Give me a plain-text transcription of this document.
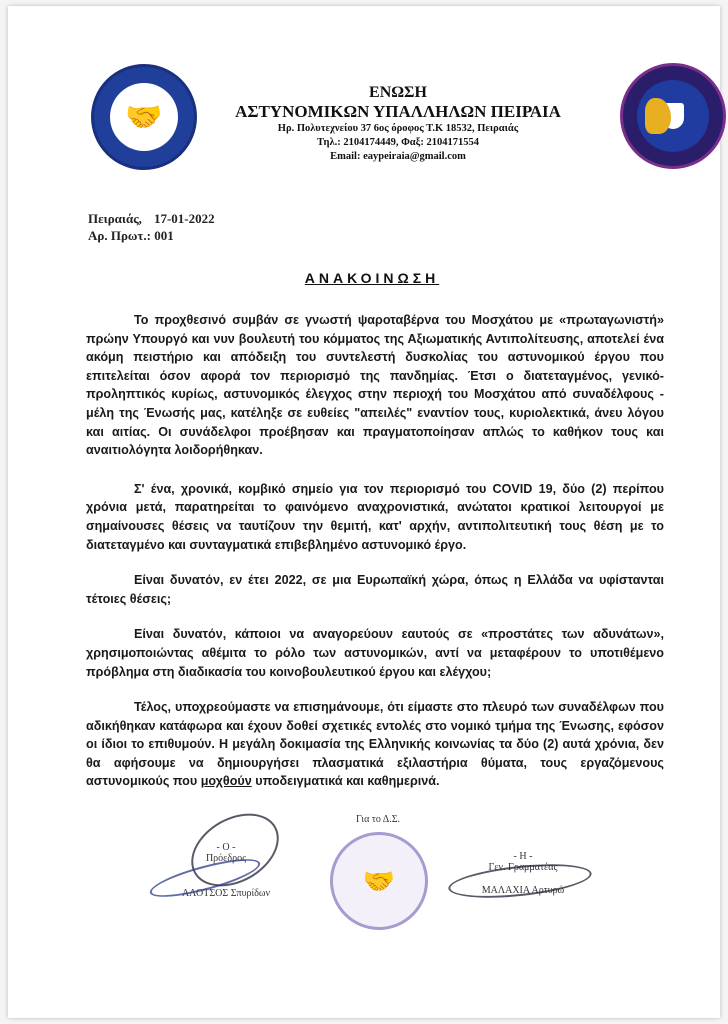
🤝
ΕΝΩΣΗ
ΑΣΤΥΝΟΜΙΚΩΝ ΥΠΑΛΛΗΛΩΝ ΠΕΙΡΑΙΑ
Ηρ. Πολυτεχνείου 37 6ος όροφος Τ.Κ 18532, Πειραιάς
Τηλ.: 2104174449, Φαξ: 2104171554
Email: eaypeiraia@gmail.com
Πειραιάς, 17-01-2022
Αρ. Πρωτ.: 001
ΑΝΑΚΟΙΝΩΣΗ

Το προχθεσινό συμβάν σε γνωστή ψαροταβέρνα του Μοσχάτου με «πρωταγωνιστή» πρώην Υπουργό και νυν βουλευτή του κόμματος της Αξιωματικής Αντιπολίτευσης, αποτελεί ένα ακόμη πειστήριο και απόδειξη του συντελεστή δυσκολίας του αστυνομικού έργου που επιτελείται όσον αφορά τον περιορισμό της πανδημίας. Έτσι ο διατεταγμένος, γενικό-προληπτικός κυρίως, αστυνομικός έλεγχος στην περιοχή του Μοσχάτου από συναδέλφους - μέλη της Ένωσής μας, κατέληξε σε ευθείες "απειλές" εναντίον τους, κυριολεκτικά, άνευ λόγου και αιτίας. Οι συνάδελφοι προέβησαν και πραγματοποίησαν απλώς το καθήκον τους και αναιτιολόγητα λοιδορήθηκαν.

Σ' ένα, χρονικά, κομβικό σημείο για τον περιορισμό του COVID 19, δύο (2) περίπου χρόνια μετά, παρατηρείται το φαινόμενο αναχρονιστικά, ανώτατοι κρατικοί λειτουργοί με σημαίνουσες θέσεις να ταυτίζουν την θεμιτή, κατ' αρχήν, αντιπολιτευτική τους θέση με το διατεταγμένο και συνταγματικά επιβεβλημένο αστυνομικό έργο.

Είναι δυνατόν, εν έτει 2022, σε μια Ευρωπαϊκή χώρα, όπως η Ελλάδα να υφίστανται τέτοιες θέσεις;

Είναι δυνατόν, κάποιοι να αναγορεύουν εαυτούς σε «προστάτες των αδυνάτων», χρησιμοποιώντας αθέμιτα το ρόλο των αστυνομικών, αντί να μεταφέρουν το υποτιθέμενο πρόβλημα στη διαδικασία του κοινοβουλευτικού έργου και ελέγχου;

Τέλος, υποχρεούμαστε να επισημάνουμε, ότι είμαστε στο πλευρό των συναδέλφων που αδικήθηκαν κατάφωρα και έχουν δοθεί σχετικές εντολές στο νομικό τμήμα της Ένωσης, εφόσον οι ίδιοι το επιθυμούν. Η μεγάλη δοκιμασία της Ελληνικής κοινωνίας τα δύο (2) αυτά χρόνια, δεν θα αφήσουμε να δημιουργήσει πλασματικά εξιλαστήρια θύματα, τους εργαζόμενους αστυνομικούς που μοχθούν υποδειγματικά και καθημερινά.

- Ο -
Πρόεδρος
ΑΛΟΤΣΟΣ Σπυρίδων
Για το Δ.Σ.
🤝
- Η -
Γεν. Γραμματέας
ΜΑΛΑΧΙΑ Αρτυρώ
